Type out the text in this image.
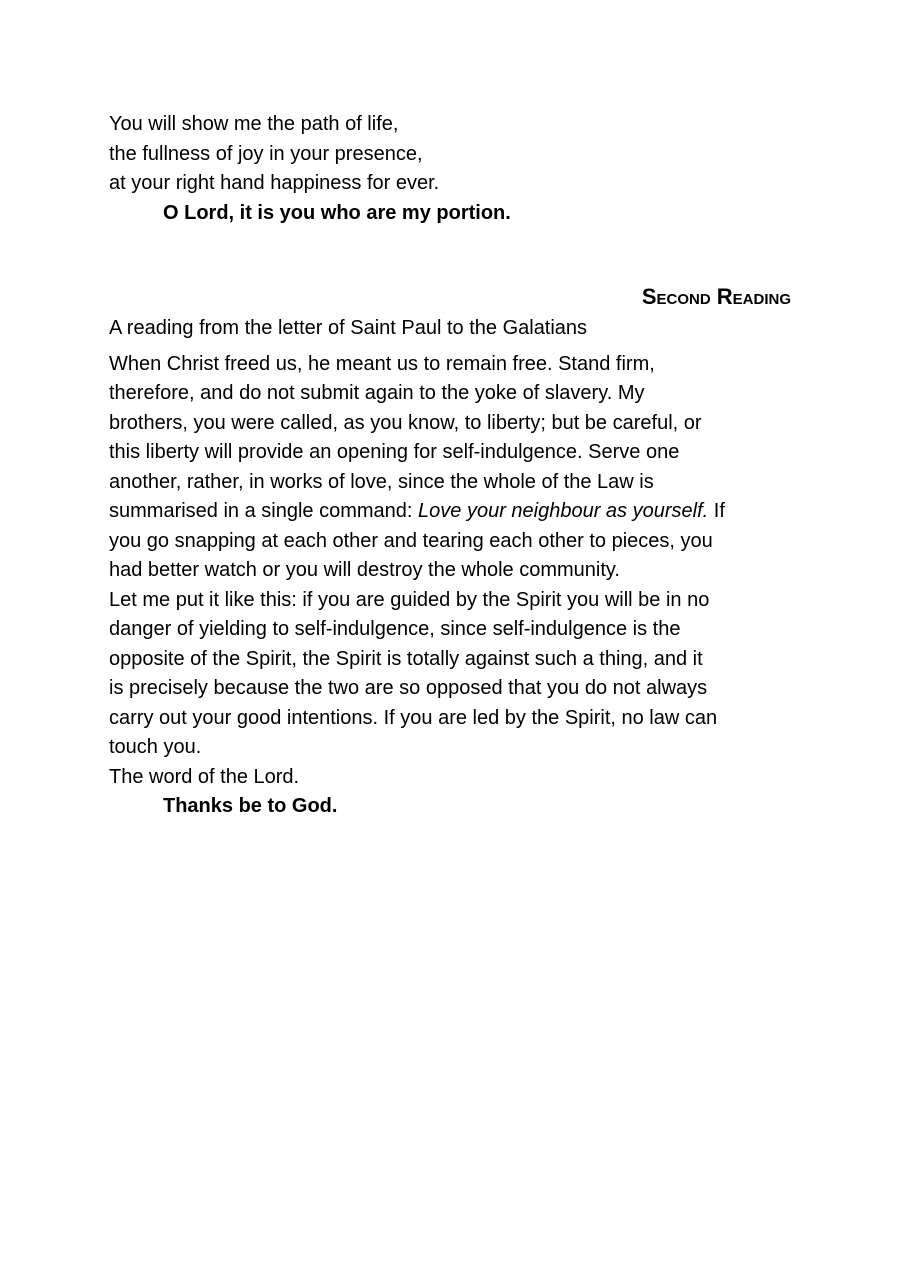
You will show me the path of life,
the fullness of joy in your presence,
at your right hand happiness for ever.
O Lord, it is you who are my portion.
Second Reading
A reading from the letter of Saint Paul to the Galatians
When Christ freed us, he meant us to remain free. Stand firm,
therefore, and do not submit again to the yoke of slavery. My
brothers, you were called, as you know, to liberty; but be careful, or
this liberty will provide an opening for self-indulgence. Serve one
another, rather, in works of love, since the whole of the Law is
summarised in a single command: Love your neighbour as yourself. If
you go snapping at each other and tearing each other to pieces, you
had better watch or you will destroy the whole community.
Let me put it like this: if you are guided by the Spirit you will be in no
danger of yielding to self-indulgence, since self-indulgence is the
opposite of the Spirit, the Spirit is totally against such a thing, and it
is precisely because the two are so opposed that you do not always
carry out your good intentions. If you are led by the Spirit, no law can
touch you.
The word of the Lord.
Thanks be to God.
